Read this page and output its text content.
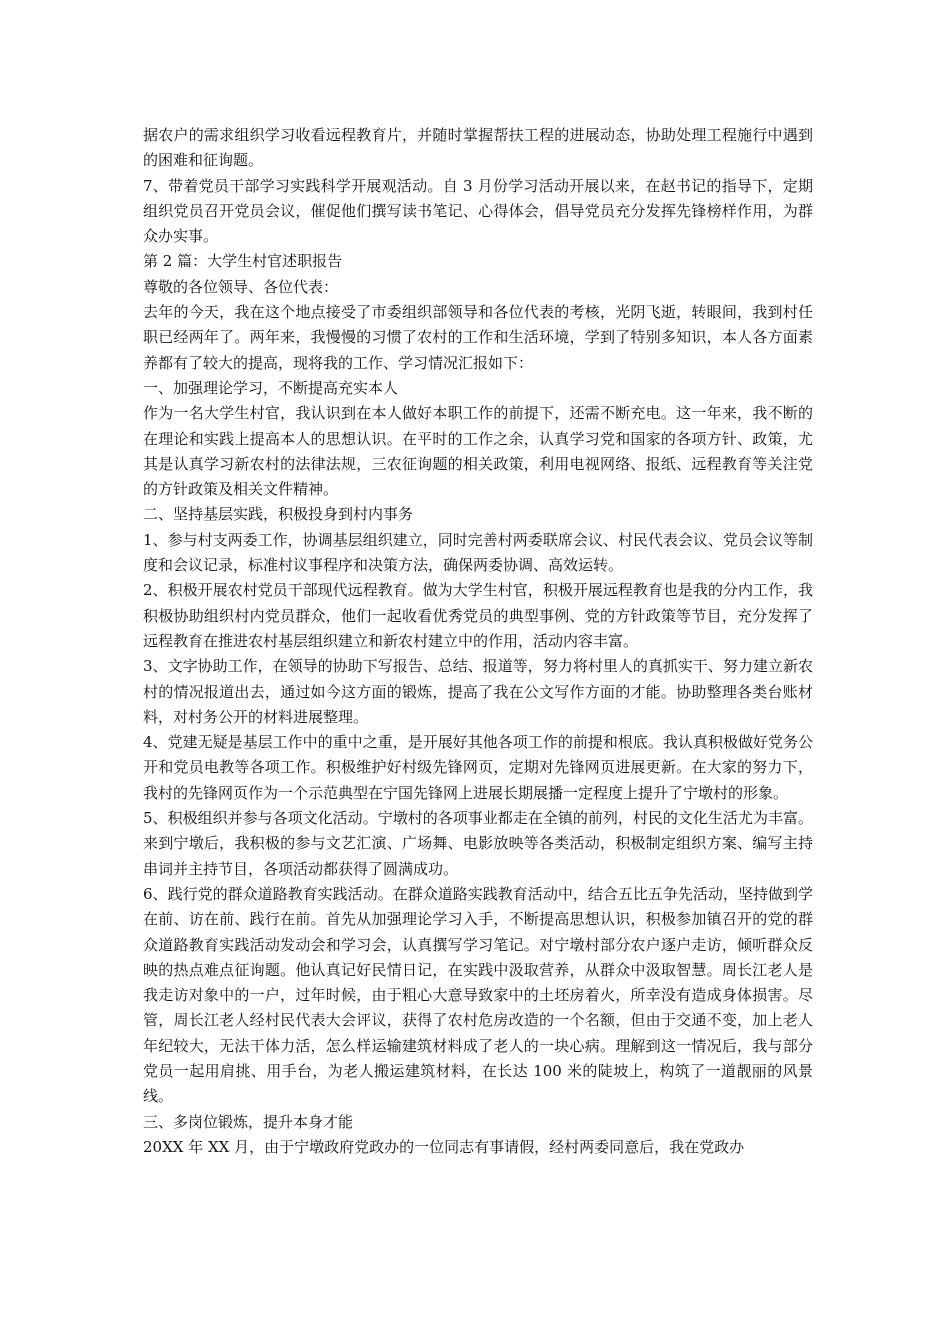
据农户的需求组织学习收看远程教育片，并随时掌握帮扶工程的进展动态，协助处理工程施行中遇到的困难和征询题。

7、带着党员干部学习实践科学开展观活动。自 3 月份学习活动开展以来，在赵书记的指导下，定期组织党员召开党员会议，催促他们撰写读书笔记、心得体会，倡导党员充分发挥先锋榜样作用，为群众办实事。

第 2 篇：大学生村官述职报告

尊敬的各位领导、各位代表：

去年的今天，我在这个地点接受了市委组织部领导和各位代表的考核，光阴飞逝，转眼间，我到村任职已经两年了。两年来，我慢慢的习惯了农村的工作和生活环境，学到了特别多知识，本人各方面素养都有了较大的提高，现将我的工作、学习情况汇报如下：

一、加强理论学习，不断提高充实本人

作为一名大学生村官，我认识到在本人做好本职工作的前提下，还需不断充电。这一年来，我不断的在理论和实践上提高本人的思想认识。在平时的工作之余，认真学习党和国家的各项方针、政策，尤其是认真学习新农村的法律法规，三农征询题的相关政策，利用电视网络、报纸、远程教育等关注党的方针政策及相关文件精神。

二、坚持基层实践，积极投身到村内事务

1、参与村支两委工作，协调基层组织建立，同时完善村两委联席会议、村民代表会议、党员会议等制度和会议记录，标准村议事程序和决策方法，确保两委协调、高效运转。

2、积极开展农村党员干部现代远程教育。做为大学生村官，积极开展远程教育也是我的分内工作，我积极协助组织村内党员群众，他们一起收看优秀党员的典型事例、党的方针政策等节目，充分发挥了远程教育在推进农村基层组织建立和新农村建立中的作用，活动内容丰富。

3、文字协助工作，在领导的协助下写报告、总结、报道等，努力将村里人的真抓实干、努力建立新农村的情况报道出去，通过如今这方面的锻炼，提高了我在公文写作方面的才能。协助整理各类台账材料，对村务公开的材料进展整理。

4、党建无疑是基层工作中的重中之重，是开展好其他各项工作的前提和根底。我认真积极做好党务公开和党员电教等各项工作。积极维护好村级先锋网页，定期对先锋网页进展更新。在大家的努力下，我村的先锋网页作为一个示范典型在宁国先锋网上进展长期展播一定程度上提升了宁墩村的形象。

5、积极组织并参与各项文化活动。宁墩村的各项事业都走在全镇的前列，村民的文化生活尤为丰富。来到宁墩后，我积极的参与文艺汇演、广场舞、电影放映等各类活动，积极制定组织方案、编写主持串词并主持节目，各项活动都获得了圆满成功。

6、践行党的群众道路教育实践活动。在群众道路实践教育活动中，结合五比五争先活动，坚持做到学在前、访在前、践行在前。首先从加强理论学习入手，不断提高思想认识，积极参加镇召开的党的群众道路教育实践活动发动会和学习会，认真撰写学习笔记。对宁墩村部分农户逐户走访，倾听群众反映的热点难点征询题。他认真记好民情日记，在实践中汲取营养，从群众中汲取智慧。周长江老人是我走访对象中的一户，过年时候，由于粗心大意导致家中的土坯房着火，所幸没有造成身体损害。尽管，周长江老人经村民代表大会评议，获得了农村危房改造的一个名额，但由于交通不变，加上老人年纪较大，无法干体力活，怎么样运输建筑材料成了老人的一块心病。理解到这一情况后，我与部分党员一起用肩挑、用手台，为老人搬运建筑材料，在长达 100 米的陡坡上，构筑了一道靓丽的风景线。

三、多岗位锻炼，提升本身才能

20XX 年 XX 月，由于宁墩政府党政办的一位同志有事请假，经村两委同意后，我在党政办
